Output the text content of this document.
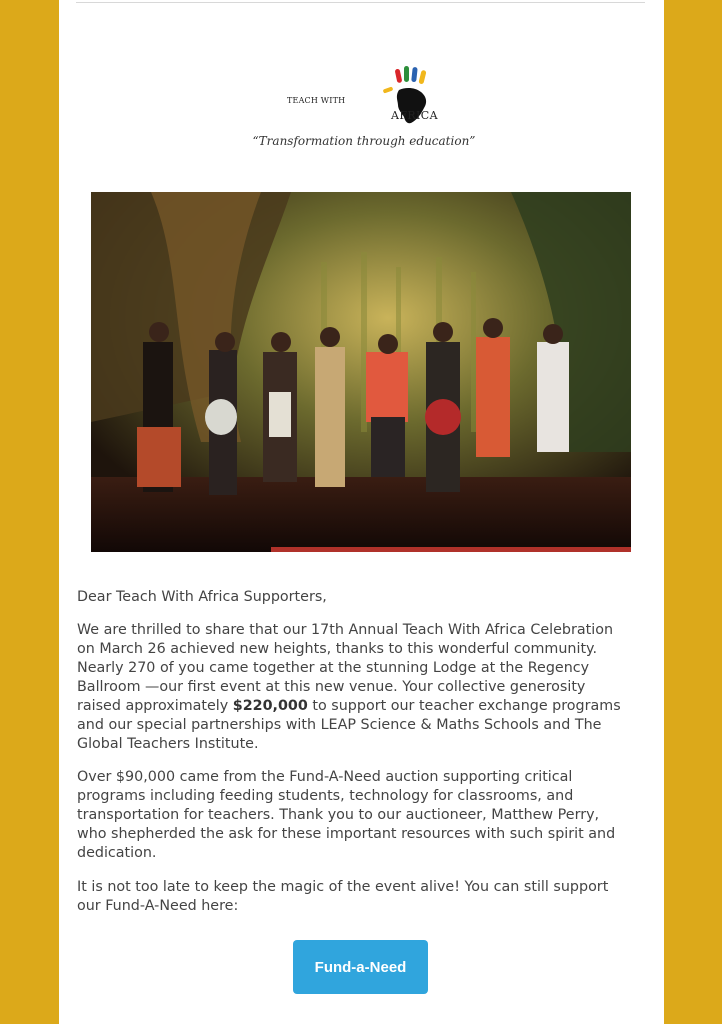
TEACH WITH
AFRICA
“Transformation through education”

Dear Teach With Africa Supporters,

We are thrilled to share that our 17th Annual Teach With Africa Celebration
on March 26 achieved new heights, thanks to this wonderful community.
Nearly 270 of you came together at the stunning Lodge at the Regency
Ballroom —our first event at this new venue. Your collective generosity
raised approximately $220,000 to support our teacher exchange programs
and our special partnerships with LEAP Science & Maths Schools and The
Global Teachers Institute.

Over $90,000 came from the Fund-A-Need auction supporting critical
programs including feeding students, technology for classrooms, and
transportation for teachers. Thank you to our auctioneer, Matthew Perry,
who shepherded the ask for these important resources with such spirit and
dedication.

It is not too late to keep the magic of the event alive! You can still support
our Fund-A-Need here:

Fund-a-Need
